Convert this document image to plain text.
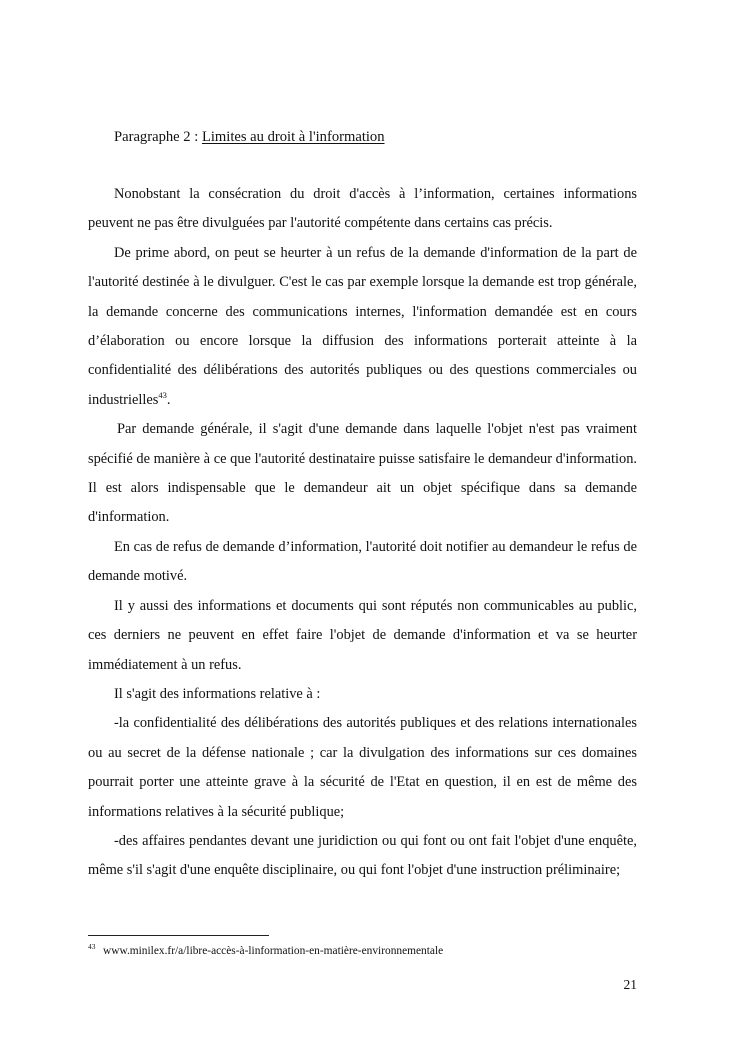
Paragraphe 2 : Limites au droit à l'information

Nonobstant la consécration du droit d'accès à l’information, certaines informations peuvent ne pas être divulguées par l'autorité compétente dans certains cas précis.

De prime abord, on peut se heurter à un refus de la demande d'information de la part de l'autorité destinée à le divulguer. C'est le cas par exemple lorsque la demande est trop générale, la demande concerne des communications internes, l'information demandée est en cours d’élaboration ou encore lorsque la diffusion des informations porterait atteinte à la confidentialité des délibérations des autorités publiques ou des questions commerciales ou industrielles$^{43}$.

Par demande générale, il s'agit d'une demande dans laquelle l'objet n'est pas vraiment spécifié de manière à ce que l'autorité destinataire puisse satisfaire le demandeur d'information. Il est alors indispensable que le demandeur ait un objet spécifique dans sa demande d'information.

En cas de refus de demande d’information, l'autorité doit notifier au demandeur le refus de demande motivé.

Il y aussi des informations et documents qui sont réputés non communicables au public, ces derniers ne peuvent en effet faire l'objet de demande d'information et va se heurter immédiatement à un refus.

Il s'agit des informations relative à :

-la confidentialité des délibérations des autorités publiques et des relations internationales ou au secret de la défense nationale ; car la divulgation des informations sur ces domaines pourrait porter une atteinte grave à la sécurité de l'Etat en question, il en est de même des informations relatives à la sécurité publique;

-des affaires pendantes devant une juridiction ou qui font ou ont fait l'objet d'une enquête, même s'il s'agit d'une enquête disciplinaire, ou qui font l'objet d'une instruction préliminaire;

43 www.minilex.fr/a/libre-accès-à-linformation-en-matière-environnementale
21
